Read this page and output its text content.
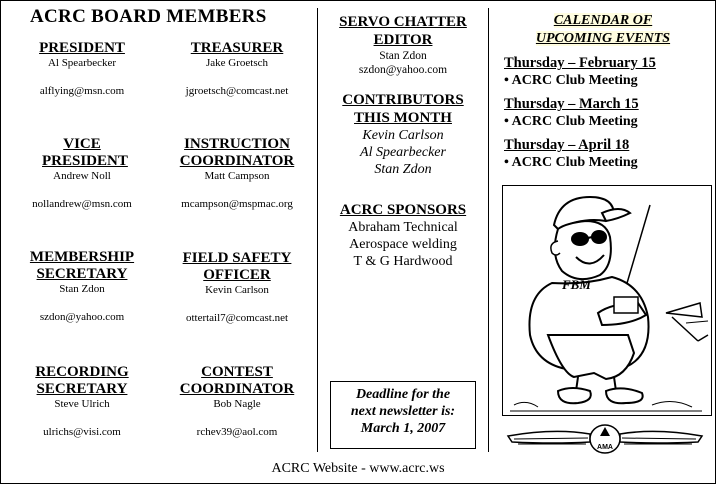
ACRC BOARD MEMBERS
PRESIDENT
Al Spearbecker
alflying@msn.com
TREASURER
Jake Groetsch
jgroetsch@comcast.net
VICE PRESIDENT
Andrew Noll
nollandrew@msn.com
INSTRUCTION COORDINATOR
Matt Campson
mcampson@mspmac.org
MEMBERSHIP SECRETARY
Stan Zdon
szdon@yahoo.com
FIELD SAFETY OFFICER
Kevin Carlson
ottertail7@comcast.net
RECORDING SECRETARY
Steve Ulrich
ulrichs@visi.com
CONTEST COORDINATOR
Bob Nagle
rchev39@aol.com
SERVO CHATTER
EDITOR
Stan Zdon
szdon@yahoo.com
CONTRIBUTORS
THIS MONTH
Kevin Carlson
Al Spearbecker
Stan Zdon
ACRC SPONSORS
Abraham Technical
Aerospace welding
T & G Hardwood
Deadline for the
next newsletter is:
March 1, 2007
CALENDAR OF
UPCOMING EVENTS
Thursday – February 15
• ACRC Club Meeting
Thursday – March 15
• ACRC Club Meeting
Thursday – April 18
• ACRC Club Meeting
FBM
AMA
ACRC Website - www.acrc.ws
